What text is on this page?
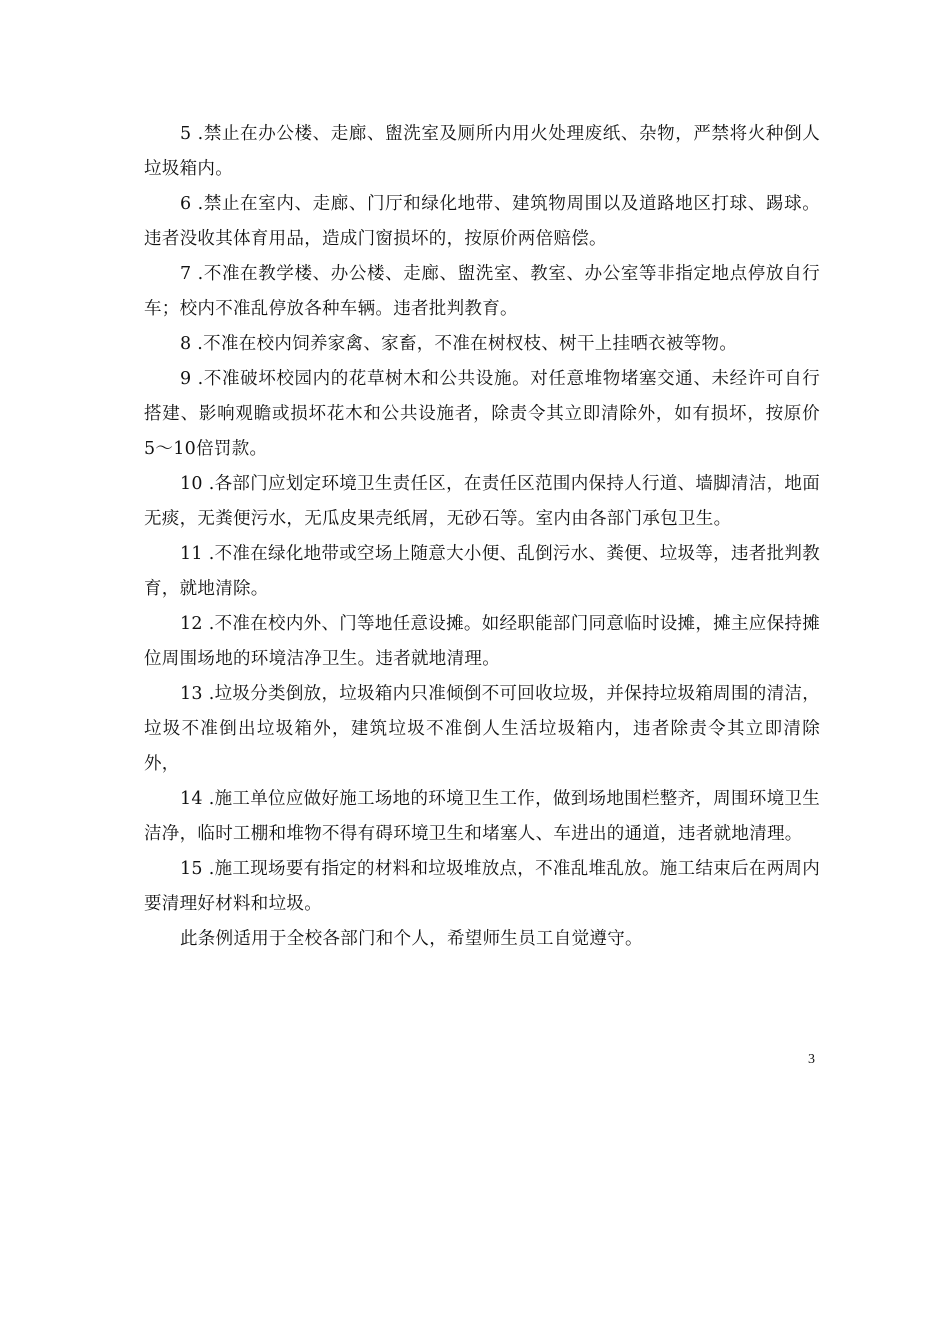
5 .禁止在办公楼、走廊、盥洗室及厕所内用火处理废纸、杂物，严禁将火种倒人垃圾箱内。

6 .禁止在室内、走廊、门厅和绿化地带、建筑物周围以及道路地区打球、踢球。违者没收其体育用品，造成门窗损坏的，按原价两倍赔偿。

7 .不准在教学楼、办公楼、走廊、盥洗室、教室、办公室等非指定地点停放自行车；校内不准乱停放各种车辆。违者批判教育。

8 .不准在校内饲养家禽、家畜，不准在树杈枝、树干上挂晒衣被等物。

9 .不准破坏校园内的花草树木和公共设施。对任意堆物堵塞交通、未经许可自行搭建、影响观瞻或损坏花木和公共设施者，除责令其立即清除外，如有损坏，按原价5〜10倍罚款。

10 .各部门应划定环境卫生责任区，在责任区范围内保持人行道、墙脚清洁，地面无痰，无粪便污水，无瓜皮果壳纸屑，无砂石等。室内由各部门承包卫生。

11 .不准在绿化地带或空场上随意大小便、乱倒污水、粪便、垃圾等，违者批判教育，就地清除。

12 .不准在校内外、门等地任意设摊。如经职能部门同意临时设摊，摊主应保持摊位周围场地的环境洁净卫生。违者就地清理。

13 .垃圾分类倒放，垃圾箱内只准倾倒不可回收垃圾，并保持垃圾箱周围的清洁，垃圾不准倒出垃圾箱外，建筑垃圾不准倒人生活垃圾箱内，违者除责令其立即清除外，

14 .施工单位应做好施工场地的环境卫生工作，做到场地围栏整齐，周围环境卫生洁净，临时工棚和堆物不得有碍环境卫生和堵塞人、车进出的通道，违者就地清理。

15 .施工现场要有指定的材料和垃圾堆放点，不准乱堆乱放。施工结束后在两周内要清理好材料和垃圾。

此条例适用于全校各部门和个人，希望师生员工自觉遵守。

3
